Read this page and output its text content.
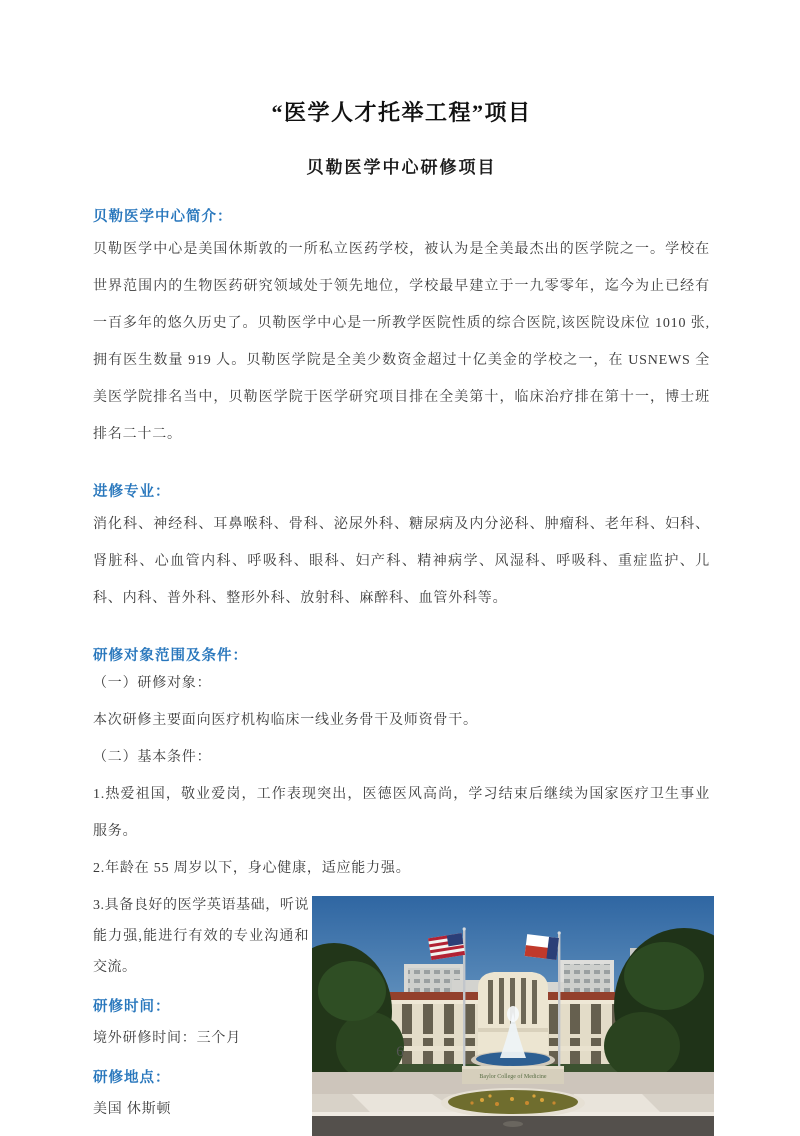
“医学人才托举工程”项目
贝勒医学中心研修项目
贝勒医学中心简介：

贝勒医学中心是美国休斯敦的一所私立医药学校，被认为是全美最杰出的医学院之一。学校在世界范围内的生物医药研究领域处于领先地位，学校最早建立于一九零零年，迄今为止已经有一百多年的悠久历史了。贝勒医学中心是一所教学医院性质的综合医院,该医院设床位 1010 张,拥有医生数量 919 人。贝勒医学院是全美少数资金超过十亿美金的学校之一，在 USNEWS 全美医学院排名当中，贝勒医学院于医学研究项目排在全美第十，临床治疗排在第十一，博士班排名二十二。

进修专业：

消化科、神经科、耳鼻喉科、骨科、泌尿外科、糖尿病及内分泌科、肿瘤科、老年科、妇科、肾脏科、心血管内科、呼吸科、眼科、妇产科、精神病学、风湿科、呼吸科、重症监护、儿科、内科、普外科、整形外科、放射科、麻醉科、血管外科等。

研修对象范围及条件：

（一）研修对象：

本次研修主要面向医疗机构临床一线业务骨干及师资骨干。

（二）基本条件：

1.热爱祖国，敬业爱岗，工作表现突出，医德医风高尚，学习结束后继续为国家医疗卫生事业服务。

2.年龄在 55 周岁以下，身心健康，适应能力强。

3.具备良好的医学英语基础，听说能力强,能进行有效的专业沟通和交流。

研修时间：

境外研修时间：三个月

研修地点：

美国 休斯顿

Baylor College of Medicine
6
